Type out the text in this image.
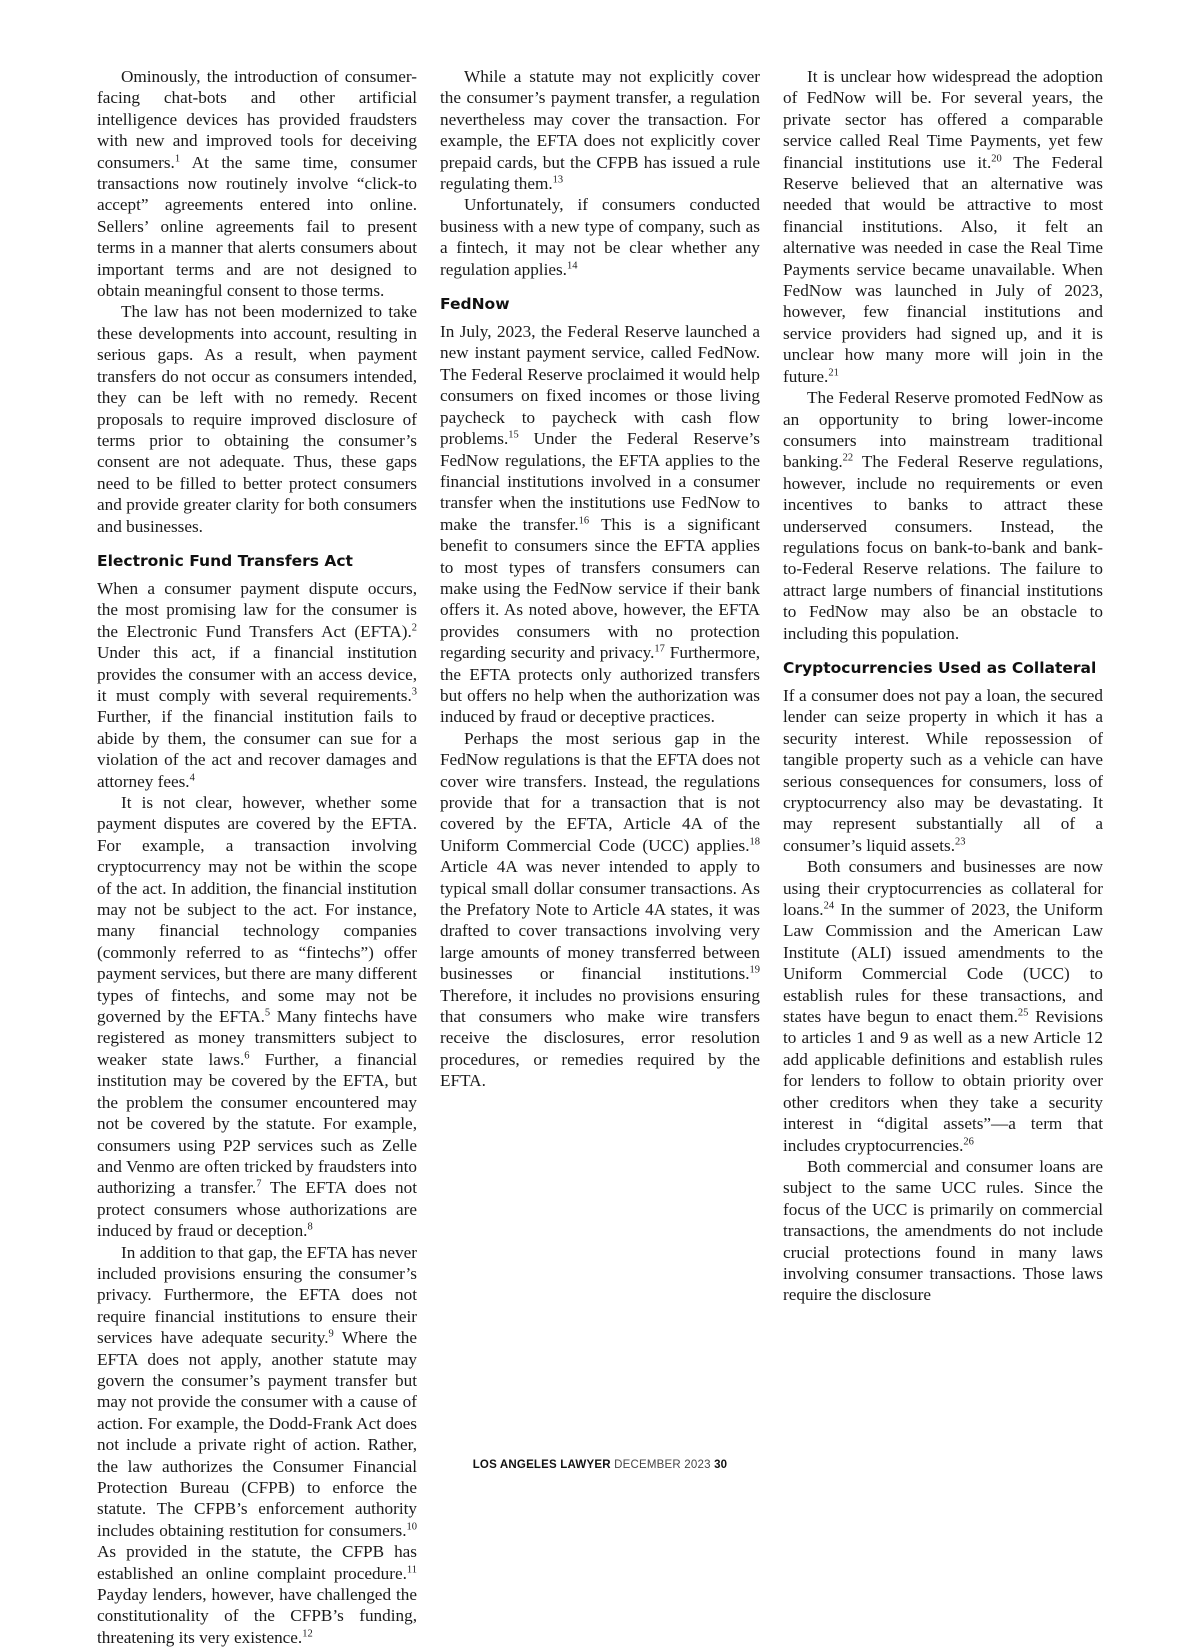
Ominously, the introduction of consumer-facing chat-bots and other artificial intelligence devices has provided fraudsters with new and improved tools for deceiving consumers.$^1$ At the same time, consumer transactions now routinely involve “click-to accept” agreements entered into online. Sellers’ online agreements fail to present terms in a manner that alerts consumers about important terms and are not designed to obtain meaningful consent to those terms.

The law has not been modernized to take these developments into account, resulting in serious gaps. As a result, when payment transfers do not occur as consumers intended, they can be left with no remedy. Recent proposals to require improved disclosure of terms prior to obtaining the consumer’s consent are not adequate. Thus, these gaps need to be filled to better protect consumers and provide greater clarity for both consumers and businesses.

Electronic Fund Transfers Act

When a consumer payment dispute occurs, the most promising law for the consumer is the Electronic Fund Transfers Act (EFTA).$^2$ Under this act, if a financial institution provides the consumer with an access device, it must comply with several requirements.$^3$ Further, if the financial institution fails to abide by them, the consumer can sue for a violation of the act and recover damages and attorney fees.$^4$

It is not clear, however, whether some payment disputes are covered by the EFTA. For example, a transaction involving cryptocurrency may not be within the scope of the act. In addition, the financial institution may not be subject to the act. For instance, many financial technology companies (commonly referred to as “fintechs”) offer payment services, but there are many different types of fintechs, and some may not be governed by the EFTA.$^5$ Many fintechs have registered as money transmitters subject to weaker state laws.$^6$ Further, a financial institution may be covered by the EFTA, but the problem the consumer encountered may not be covered by the statute. For example, consumers using P2P services such as Zelle and Venmo are often tricked by fraudsters into authorizing a transfer.$^7$ The EFTA does not protect consumers whose authorizations are induced by fraud or deception.$^8$

In addition to that gap, the EFTA has never included provisions ensuring the consumer’s privacy. Furthermore, the EFTA does not require financial institutions to ensure their services have adequate security.$^9$ Where the EFTA does not apply, another statute may govern the consumer’s payment transfer but may not provide the consumer with a cause of action. For example, the Dodd-Frank Act does not include a private right of action. Rather, the law authorizes the Consumer Financial Protection Bureau (CFPB) to enforce the statute. The CFPB’s enforcement authority includes obtaining restitution for consumers.$^{10}$ As provided in the statute, the CFPB has established an online complaint procedure.$^{11}$ Payday lenders, however, have challenged the constitutionality of the CFPB’s funding, threatening its very existence.$^{12}$

While a statute may not explicitly cover the consumer’s payment transfer, a regulation nevertheless may cover the transaction. For example, the EFTA does not explicitly cover prepaid cards, but the CFPB has issued a rule regulating them.$^{13}$

Unfortunately, if consumers conducted business with a new type of company, such as a fintech, it may not be clear whether any regulation applies.$^{14}$

FedNow

In July, 2023, the Federal Reserve launched a new instant payment service, called FedNow. The Federal Reserve proclaimed it would help consumers on fixed incomes or those living paycheck to paycheck with cash flow problems.$^{15}$ Under the Federal Reserve’s FedNow regulations, the EFTA applies to the financial institutions involved in a consumer transfer when the institutions use FedNow to make the transfer.$^{16}$ This is a significant benefit to consumers since the EFTA applies to most types of transfers consumers can make using the FedNow service if their bank offers it. As noted above, however, the EFTA provides consumers with no protection regarding security and privacy.$^{17}$ Furthermore, the EFTA protects only authorized transfers but offers no help when the authorization was induced by fraud or deceptive practices.

Perhaps the most serious gap in the FedNow regulations is that the EFTA does not cover wire transfers. Instead, the regulations provide that for a transaction that is not covered by the EFTA, Article 4A of the Uniform Commercial Code (UCC) applies.$^{18}$ Article 4A was never intended to apply to typical small dollar consumer transactions. As the Prefatory Note to Article 4A states, it was drafted to cover transactions involving very large amounts of money transferred between businesses or financial institutions.$^{19}$ Therefore, it includes no provisions ensuring that consumers who make wire transfers receive the disclosures, error resolution procedures, or remedies required by the EFTA.

It is unclear how widespread the adoption of FedNow will be. For several years, the private sector has offered a comparable service called Real Time Payments, yet few financial institutions use it.$^{20}$ The Federal Reserve believed that an alternative was needed that would be attractive to most financial institutions. Also, it felt an alternative was needed in case the Real Time Payments service became unavailable. When FedNow was launched in July of 2023, however, few financial institutions and service providers had signed up, and it is unclear how many more will join in the future.$^{21}$

The Federal Reserve promoted FedNow as an opportunity to bring lower-income consumers into mainstream traditional banking.$^{22}$ The Federal Reserve regulations, however, include no requirements or even incentives to banks to attract these underserved consumers. Instead, the regulations focus on bank-to-bank and bank-to-Federal Reserve relations. The failure to attract large numbers of financial institutions to FedNow may also be an obstacle to including this population.

Cryptocurrencies Used as Collateral

If a consumer does not pay a loan, the secured lender can seize property in which it has a security interest. While repossession of tangible property such as a vehicle can have serious consequences for consumers, loss of cryptocurrency also may be devastating. It may represent substantially all of a consumer’s liquid assets.$^{23}$

Both consumers and businesses are now using their cryptocurrencies as collateral for loans.$^{24}$ In the summer of 2023, the Uniform Law Commission and the American Law Institute (ALI) issued amendments to the Uniform Commercial Code (UCC) to establish rules for these transactions, and states have begun to enact them.$^{25}$ Revisions to articles 1 and 9 as well as a new Article 12 add applicable definitions and establish rules for lenders to follow to obtain priority over other creditors when they take a security interest in “digital assets”—a term that includes cryptocurrencies.$^{26}$

Both commercial and consumer loans are subject to the same UCC rules. Since the focus of the UCC is primarily on commercial transactions, the amendments do not include crucial protections found in many laws involving consumer transactions. Those laws require the disclosure

LOS ANGELES LAWYER DECEMBER 2023 30
